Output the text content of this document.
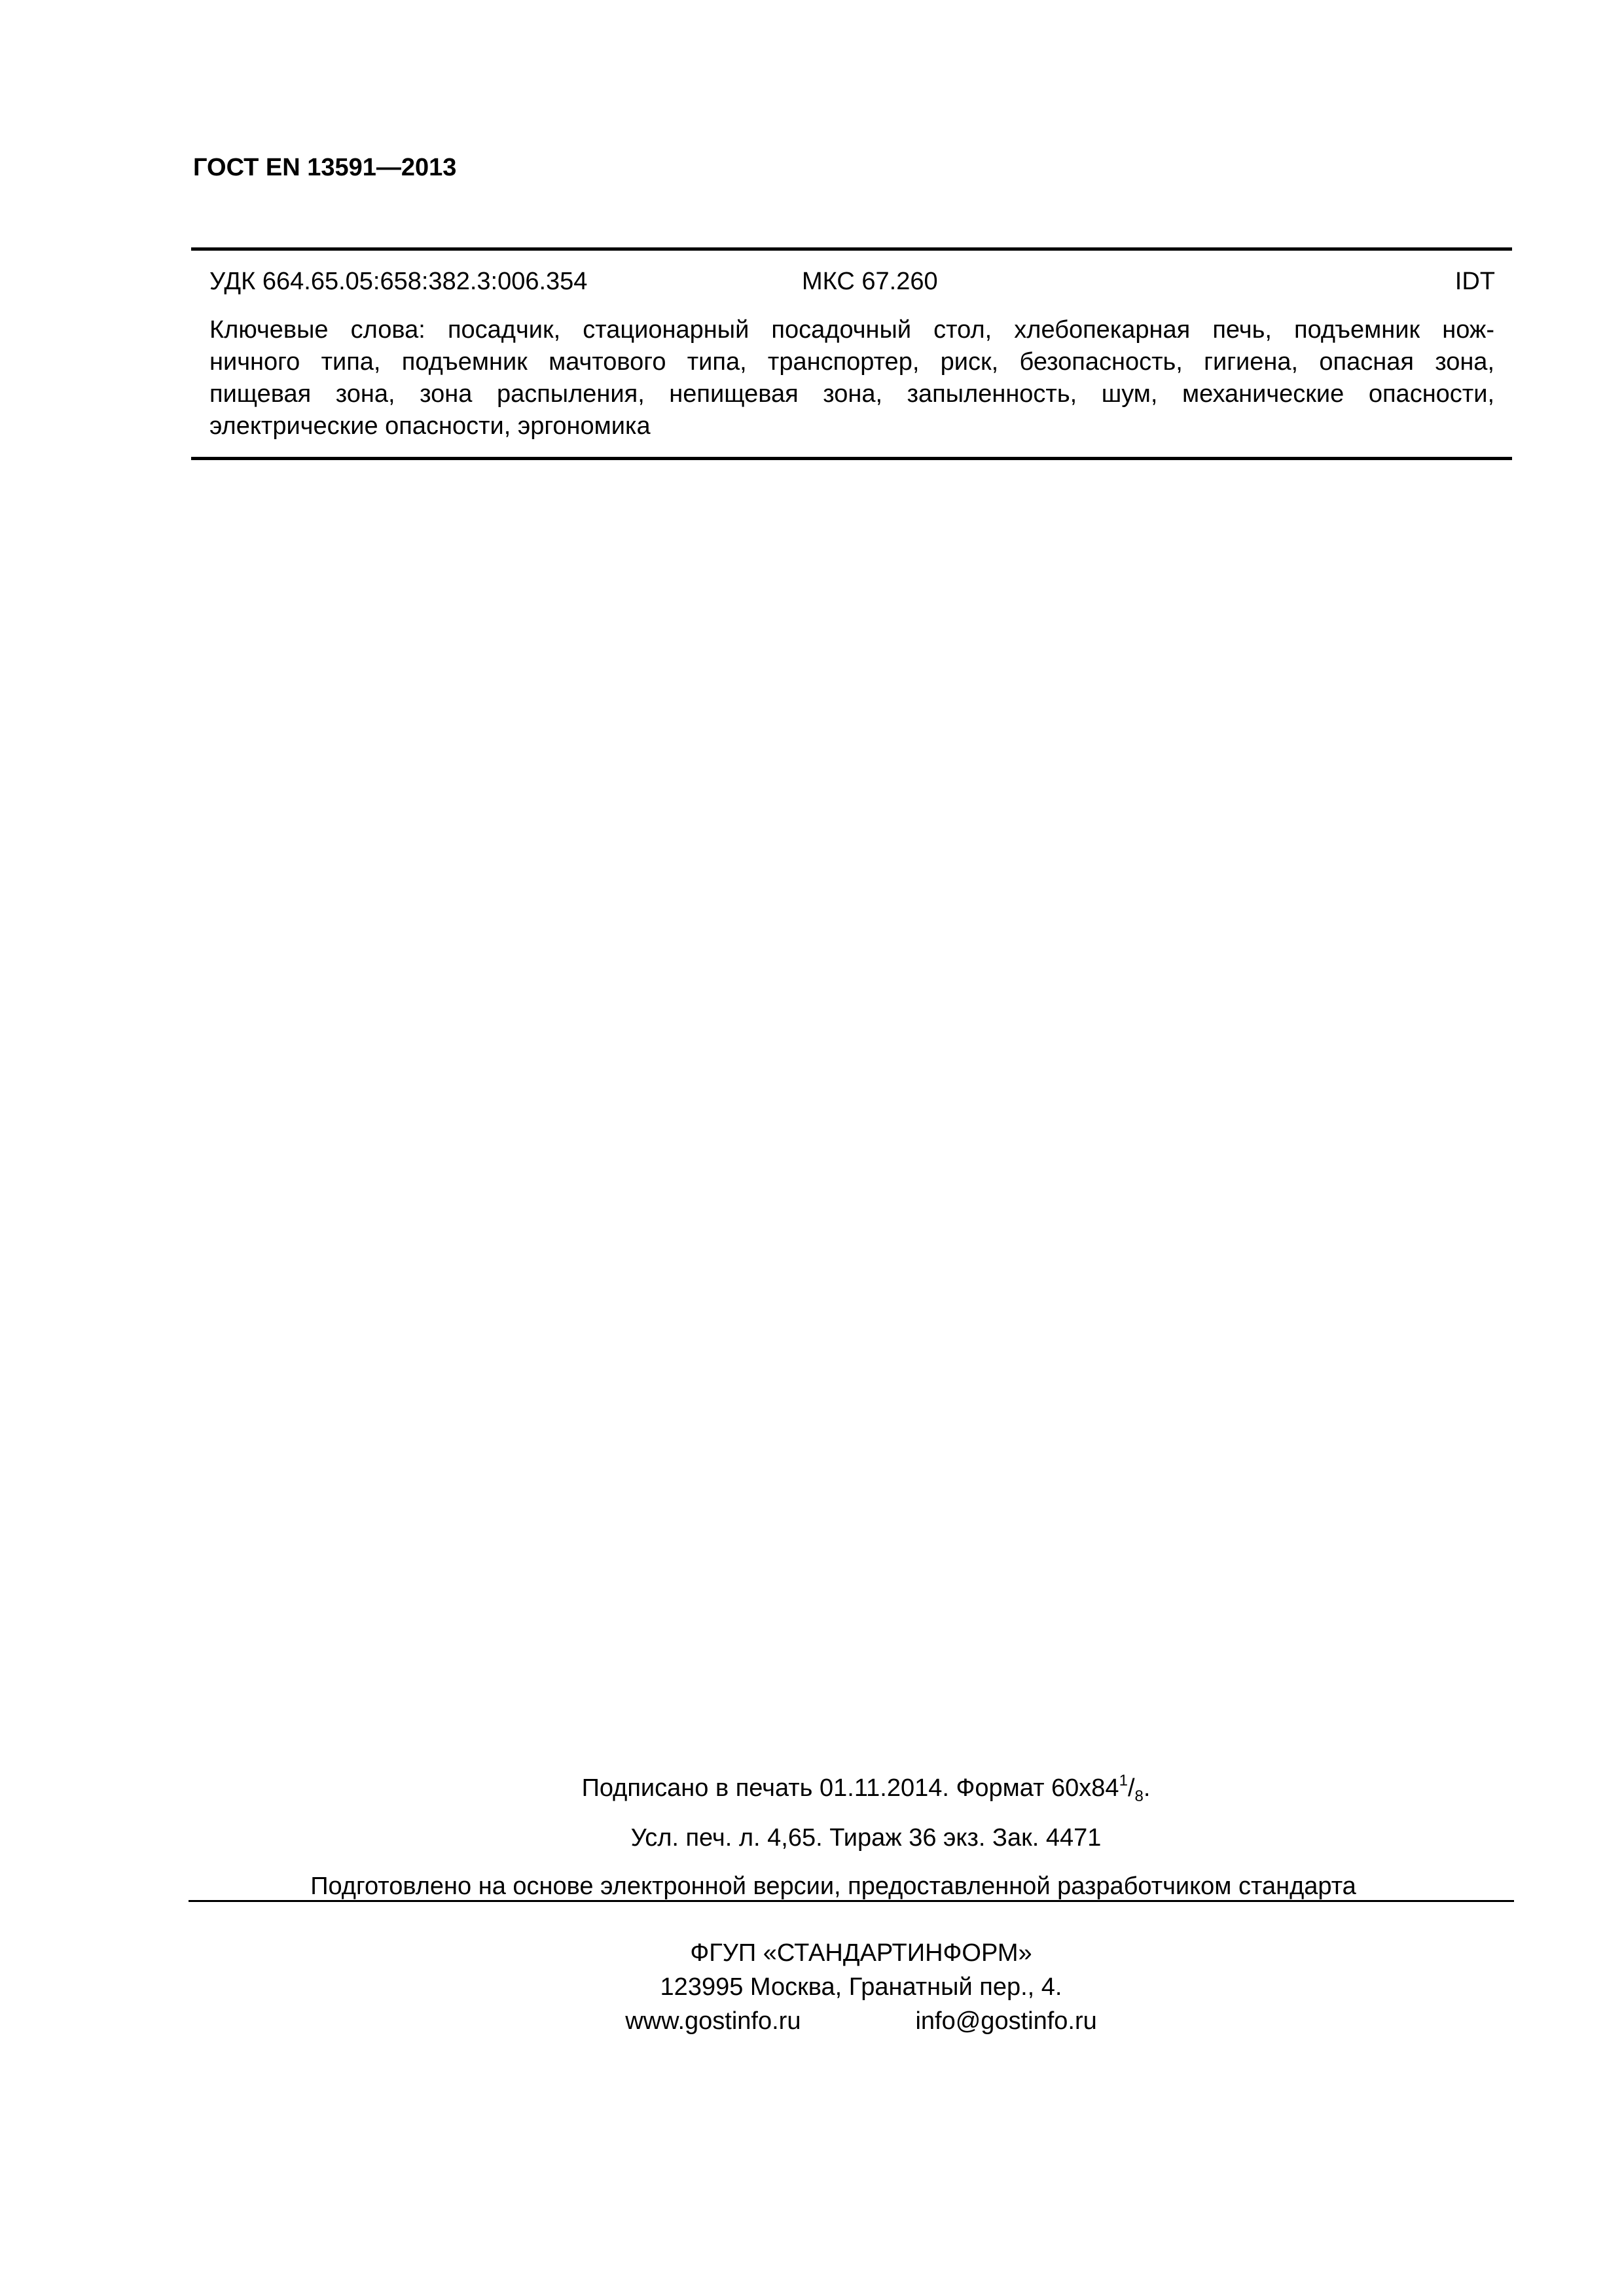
ГОСТ EN 13591—2013
УДК 664.65.05:658:382.3:006.354	МКС 67.260	IDT
Ключевые слова: посадчик, стационарный посадочный стол, хлебопекарная печь, подъемник нож-
ничного типа, подъемник мачтового типа, транспортер, риск, безопасность, гигиена, опасная зона,
пищевая зона, зона распыления, непищевая зона, запыленность, шум, механические опасности,
электрические опасности, эргономика
Подписано в печать 01.11.2014. Формат $60x84^1/_8$.
Усл. печ. л. 4,65. Тираж 36 экз. Зак. 4471
Подготовлено на основе электронной версии, предоставленной разработчиком стандарта
ФГУП «СТАНДАРТИНФОРМ»
123995 Москва, Гранатный пер., 4.
www.gostinfo.ru	info@gostinfo.ru
